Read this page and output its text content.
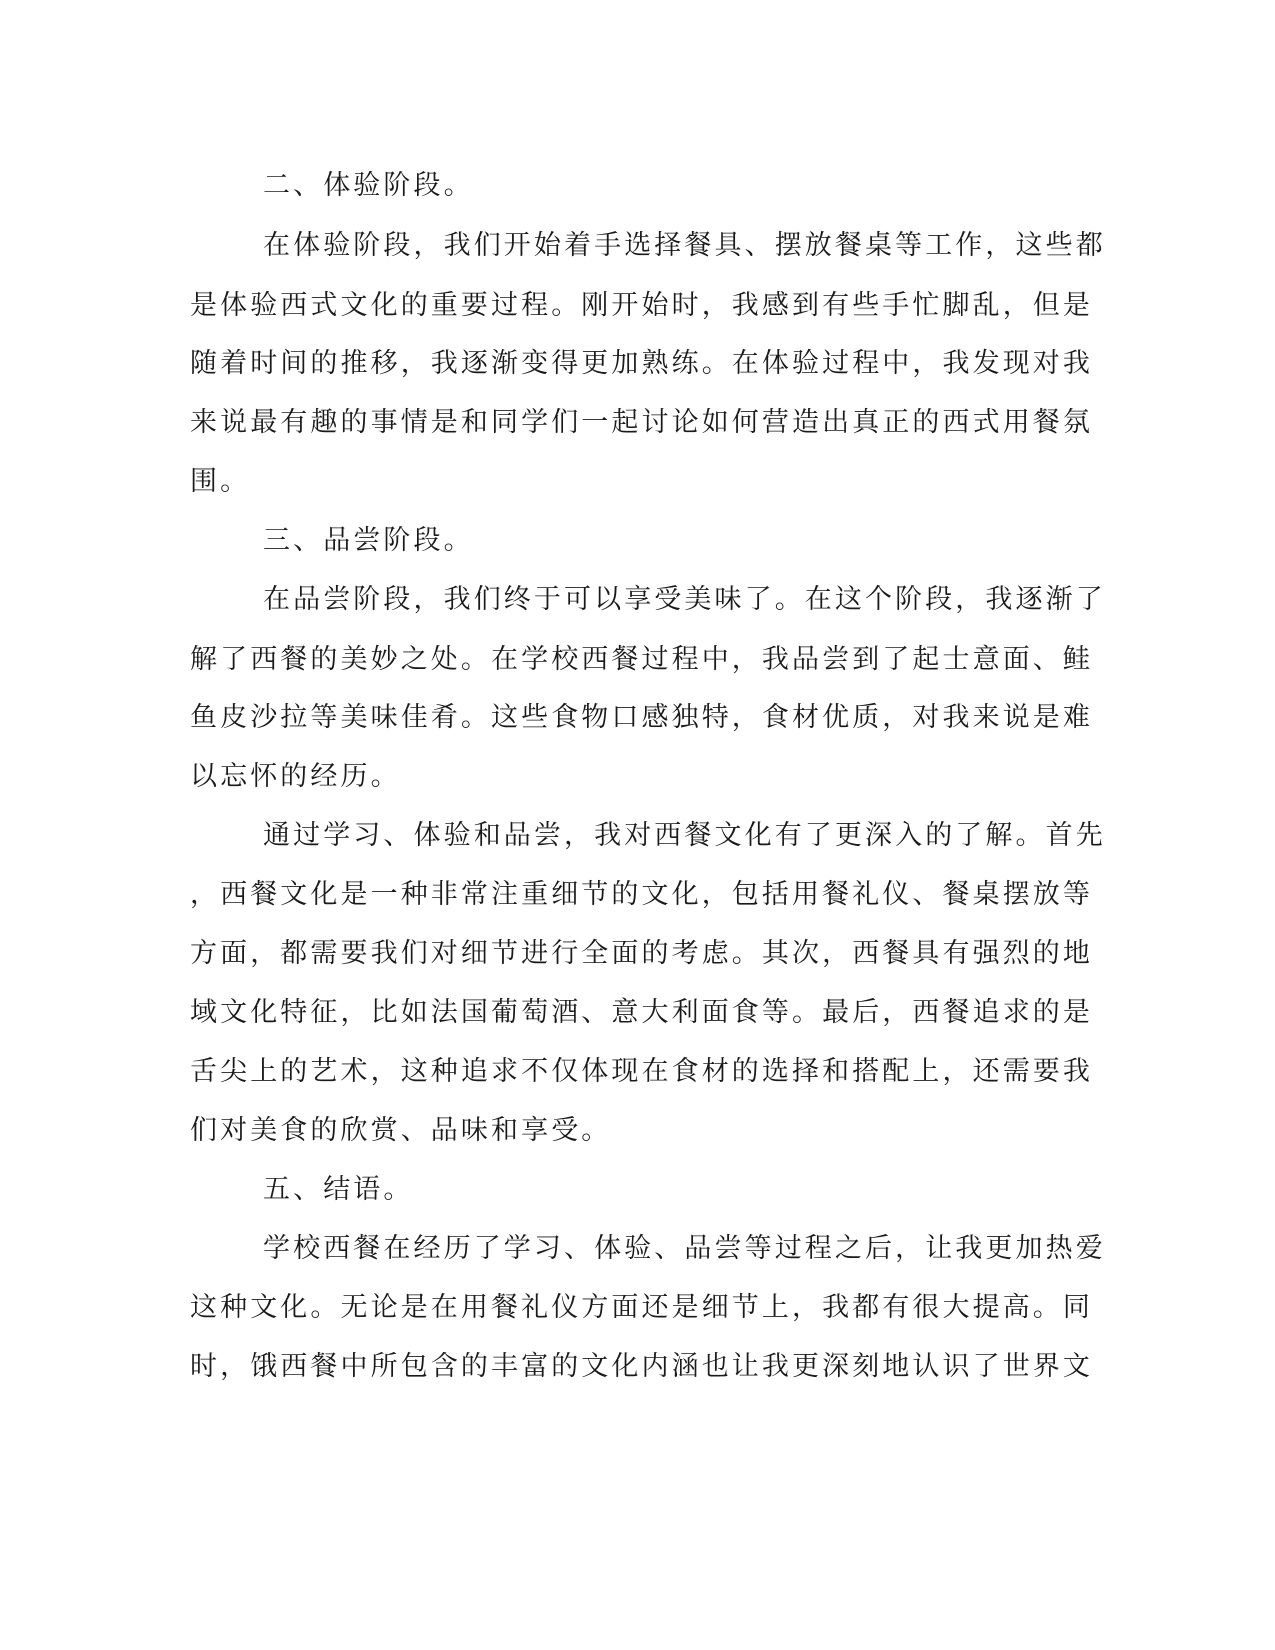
二、体验阶段。
在体验阶段，我们开始着手选择餐具、摆放餐桌等工作，这些都
是体验西式文化的重要过程。刚开始时，我感到有些手忙脚乱，但是
随着时间的推移，我逐渐变得更加熟练。在体验过程中，我发现对我
来说最有趣的事情是和同学们一起讨论如何营造出真正的西式用餐氛
围。
三、品尝阶段。
在品尝阶段，我们终于可以享受美味了。在这个阶段，我逐渐了
解了西餐的美妙之处。在学校西餐过程中，我品尝到了起士意面、鲑
鱼皮沙拉等美味佳肴。这些食物口感独特，食材优质，对我来说是难
以忘怀的经历。
通过学习、体验和品尝，我对西餐文化有了更深入的了解。首先
，西餐文化是一种非常注重细节的文化，包括用餐礼仪、餐桌摆放等
方面，都需要我们对细节进行全面的考虑。其次，西餐具有强烈的地
域文化特征，比如法国葡萄酒、意大利面食等。最后，西餐追求的是
舌尖上的艺术，这种追求不仅体现在食材的选择和搭配上，还需要我
们对美食的欣赏、品味和享受。
五、结语。
学校西餐在经历了学习、体验、品尝等过程之后，让我更加热爱
这种文化。无论是在用餐礼仪方面还是细节上，我都有很大提高。同
时，饿西餐中所包含的丰富的文化内涵也让我更深刻地认识了世界文
